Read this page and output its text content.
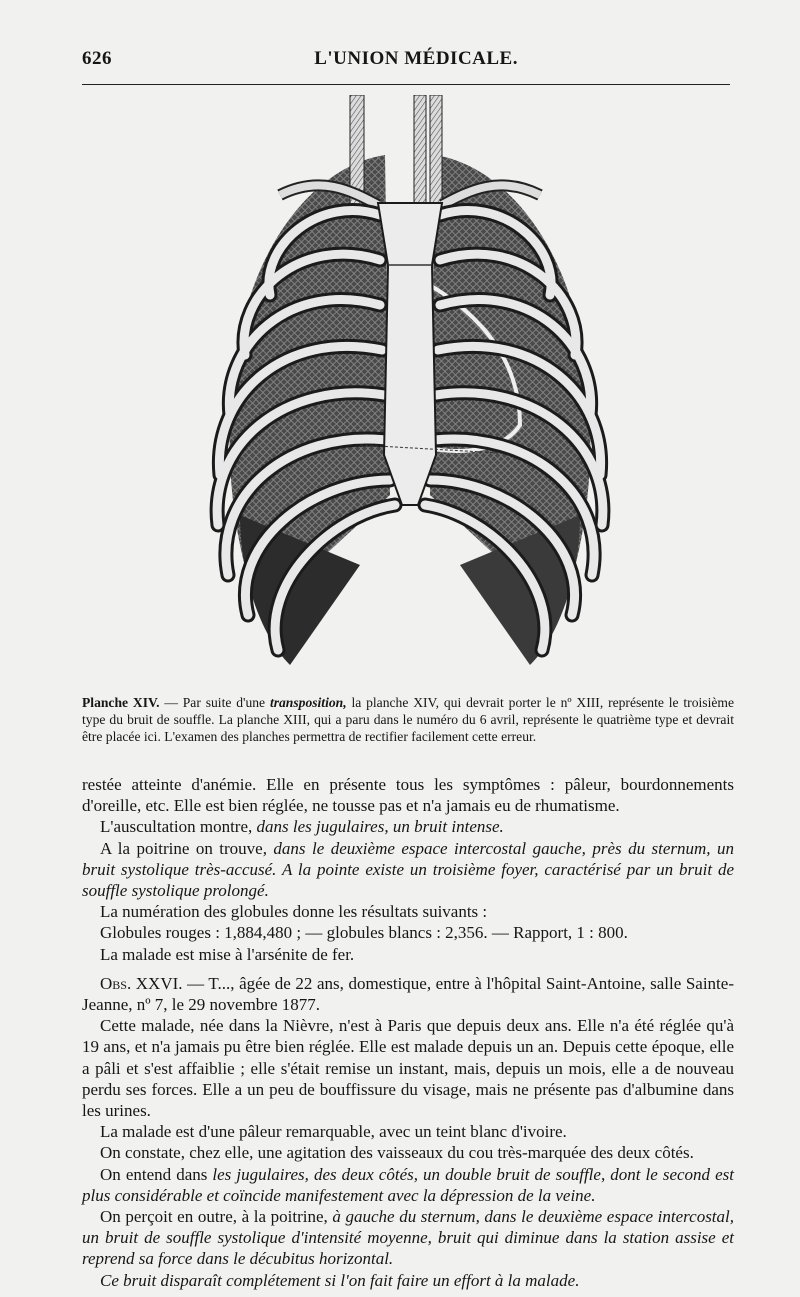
626	L'UNION MÉDICALE.
Planche XIV. — Par suite d'une transposition, la planche XIV, qui devrait porter le nº XIII, représente le troisième type du bruit de souffle. La planche XIII, qui a paru dans le numéro du 6 avril, représente le quatrième type et devrait être placée ici. L'examen des planches permettra de rectifier facilement cette erreur.

restée atteinte d'anémie. Elle en présente tous les symptômes : pâleur, bourdonnements d'oreille, etc. Elle est bien réglée, ne tousse pas et n'a jamais eu de rhumatisme.

L'auscultation montre, dans les jugulaires, un bruit intense.

A la poitrine on trouve, dans le deuxième espace intercostal gauche, près du sternum, un bruit systolique très-accusé. A la pointe existe un troisième foyer, caractérisé par un bruit de souffle systolique prolongé.

La numération des globules donne les résultats suivants :

Globules rouges : 1,884,480 ; — globules blancs : 2,356. — Rapport, 1 : 800.

La malade est mise à l'arsénite de fer.

Obs. XXVI. — T..., âgée de 22 ans, domestique, entre à l'hôpital Saint-Antoine, salle Sainte-Jeanne, nº 7, le 29 novembre 1877.

Cette malade, née dans la Nièvre, n'est à Paris que depuis deux ans. Elle n'a été réglée qu'à 19 ans, et n'a jamais pu être bien réglée. Elle est malade depuis un an. Depuis cette époque, elle a pâli et s'est affaiblie ; elle s'était remise un instant, mais, depuis un mois, elle a de nouveau perdu ses forces. Elle a un peu de bouffissure du visage, mais ne présente pas d'albumine dans les urines.

La malade est d'une pâleur remarquable, avec un teint blanc d'ivoire.

On constate, chez elle, une agitation des vaisseaux du cou très-marquée des deux côtés.

On entend dans les jugulaires, des deux côtés, un double bruit de souffle, dont le second est plus considérable et coïncide manifestement avec la dépression de la veine.

On perçoit en outre, à la poitrine, à gauche du sternum, dans le deuxième espace intercostal, un bruit de souffle systolique d'intensité moyenne, bruit qui diminue dans la station assise et reprend sa force dans le décubitus horizontal.

Ce bruit disparaît complétement si l'on fait faire un effort à la malade.
